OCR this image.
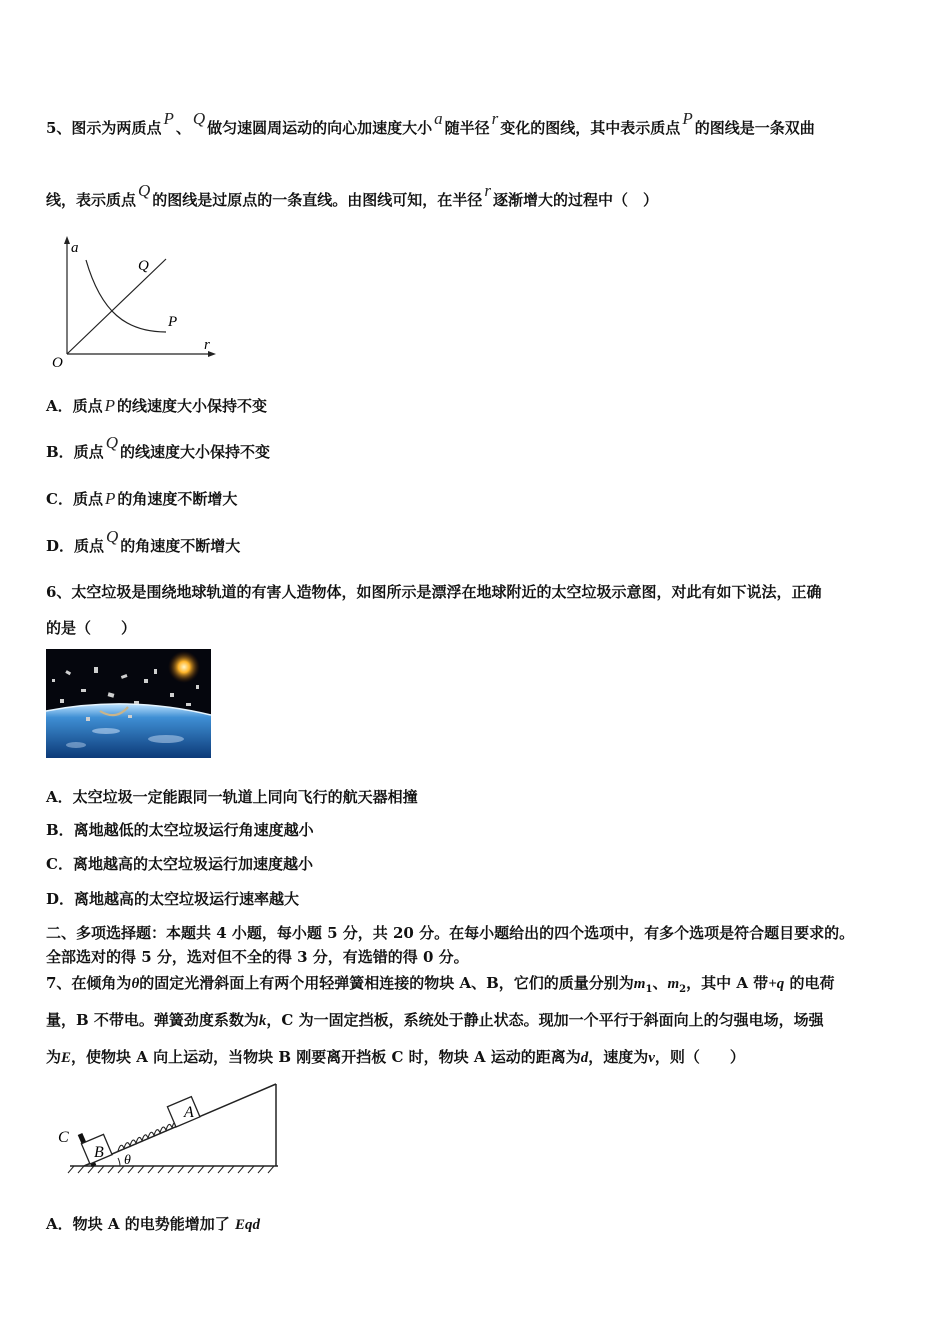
5、图示为两质点 P 、 Q 做匀速圆周运动的向心加速度大小 a 随半径 r 变化的图线，其中表示质点 P 的图线是一条双曲
线，表示质点 Q 的图线是过原点的一条直线。由图线可知，在半径 r 逐渐增大的过程中（　）
a
r
O
Q
P
A．质点 P 的线速度大小保持不变
B．质点 Q 的线速度大小保持不变
C．质点 P 的角速度不断增大
D．质点 Q 的角速度不断增大
6、太空垃圾是围绕地球轨道的有害人造物体，如图所示是漂浮在地球附近的太空垃圾示意图，对此有如下说法，正确
的是（　　）
A．太空垃圾一定能跟同一轨道上同向飞行的航天器相撞
B．离地越低的太空垃圾运行角速度越小
C．离地越高的太空垃圾运行加速度越小
D．离地越高的太空垃圾运行速率越大
二、多项选择题：本题共 4 小题，每小题 5 分，共 20 分。在每小题给出的四个选项中，有多个选项是符合题目要求的。
全部选对的得 5 分，选对但不全的得 3 分，有选错的得 0 分。
7、在倾角为θ的固定光滑斜面上有两个用轻弹簧相连接的物块 A、B，它们的质量分别为$m_1$、$m_2$，其中 A 带+q 的电荷
量，B 不带电。弹簧劲度系数为k，C 为一固定挡板，系统处于静止状态。现加一个平行于斜面向上的匀强电场，场强
为E，使物块 A 向上运动，当物块 B 刚要离开挡板 C 时，物块 A 运动的距离为d，速度为v，则（　　）
B
A
C
θ
A．物块 A 的电势能增加了 Eqd
